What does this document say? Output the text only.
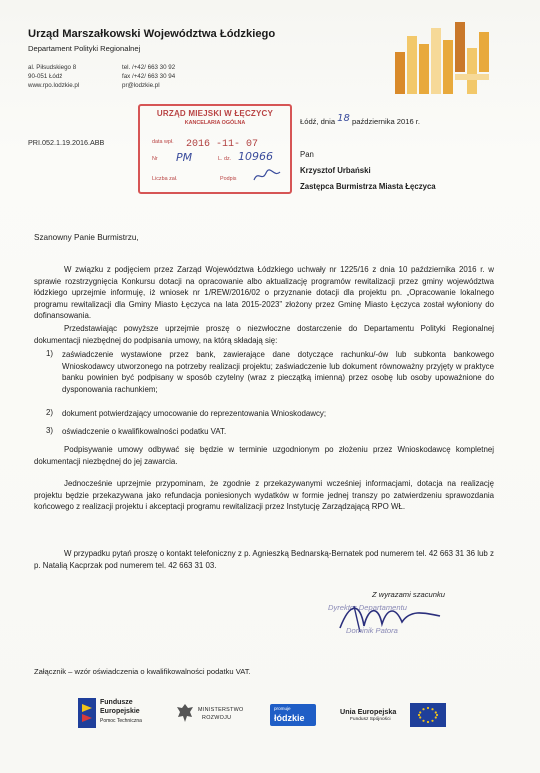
Urząd Marszałkowski Województwa Łódzkiego
Departament Polityki Regionalnej
al. Piłsudskiego 8
90-051 Łódź
www.rpo.lodzkie.pl
tel. /+42/ 663 30 92
fax /+42/ 663 30 94
pr@lodzkie.pl
URZĄD MIEJSKI W ŁĘCZYCY
KANCELARIA OGÓLNA
data wpł. 2016 -11- 07
Nr PM	L. dz. 10966
Liczba zał.	Podpis
Łódź, dnia 18 października 2016 r.
PRI.052.1.19.2016.ABB
Pan
Krzysztof Urbański
Zastępca Burmistrza Miasta Łęczyca
Szanowny Panie Burmistrzu,
W związku z podjęciem przez Zarząd Województwa Łódzkiego uchwały nr 1225/16 z dnia 10 października 2016 r. w sprawie rozstrzygnięcia Konkursu dotacji na opracowanie albo aktualizację programów rewitalizacji przez gminy województwa łódzkiego uprzejmie informuję, iż wniosek nr 1/REW/2016/02 o przyznanie dotacji dla projektu pn. „Opracowanie lokalnego programu rewitalizacji dla Gminy Miasto Łęczyca na lata 2015-2023” złożony przez Gminę Miasto Łęczyca został wyłoniony do dofinansowania.
Przedstawiając powyższe uprzejmie proszę o niezwłoczne dostarczenie do Departamentu Polityki Regionalnej dokumentacji niezbędnej do podpisania umowy, na którą składają się:
1) zaświadczenie wystawione przez bank, zawierające dane dotyczące rachunku/-ów lub subkonta bankowego Wnioskodawcy utworzonego na potrzeby realizacji projektu; zaświadczenie lub dokument równoważny przyjęty w praktyce banku powinien być podpisany w sposób czytelny (wraz z pieczątką imienną) przez osobę lub osoby upoważnione do dysponowania rachunkiem;
2) dokument potwierdzający umocowanie do reprezentowania Wnioskodawcy;
3) oświadczenie o kwalifikowalności podatku VAT.
Podpisywanie umowy odbywać się będzie w terminie uzgodnionym po złożeniu przez Wnioskodawcę kompletnej dokumentacji niezbędnej do jej zawarcia.
Jednocześnie uprzejmie przypominam, że zgodnie z przekazywanymi wcześniej informacjami, dotacja na realizację projektu będzie przekazywana jako refundacja poniesionych wydatków w formie jednej transzy po zatwierdzeniu sprawozdania końcowego z realizacji projektu i akceptacji programu rewitalizacji przez Instytucję Zarządzającą RPO WŁ.
W przypadku pytań proszę o kontakt telefoniczny z p. Agnieszką Bednarską-Bernatek pod numerem tel. 42 663 31 36 lub z p. Natalią Kacprzak pod numerem tel. 42 663 31 03.
Z wyrazami szacunku
Dyrektor Departamentu
Dominik Patora
Załącznik – wzór oświadczenia o kwalifikowalności podatku VAT.
Fundusze
Europejskie
Pomoc Techniczna
MINISTERSTWO
ROZWOJU
promuje
łódzkie
Unia Europejska
Fundusz Spójności
